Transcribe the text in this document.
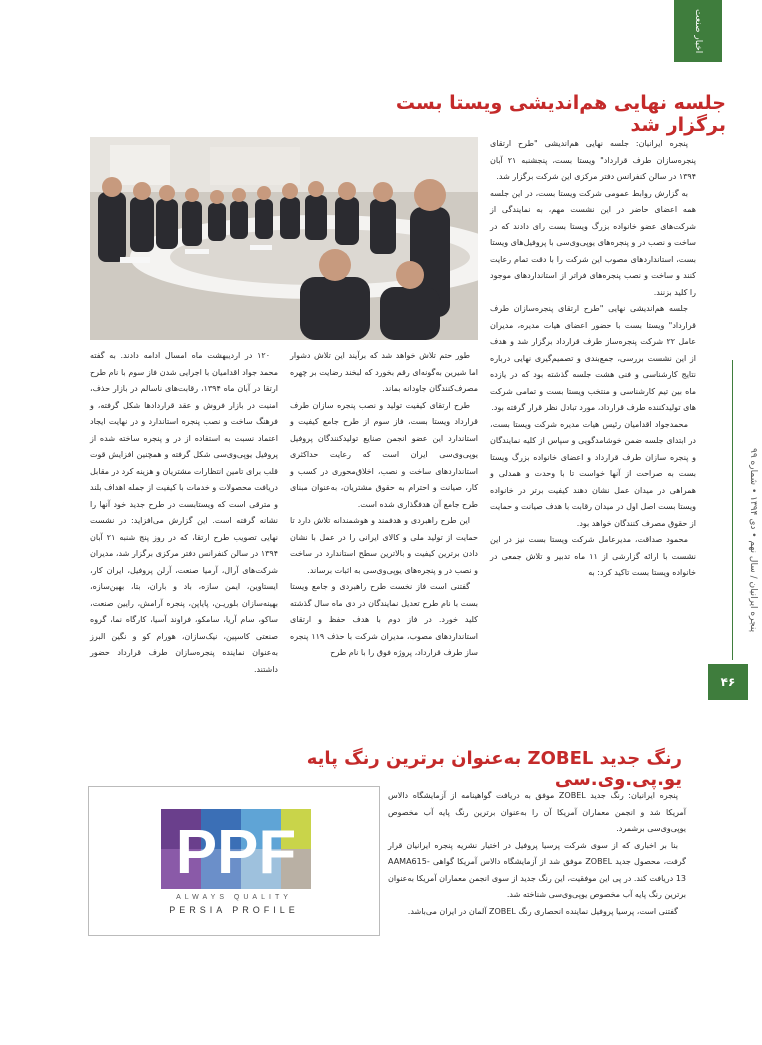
اخبار صنعت پنجره
جلسه نهایی هم‌اندیشی ویستا بست برگزار شد

پنجره ایرانیان: جلسه نهایی هم‌اندیشی "طرح ارتقای پنجره‌سازان طرف قرارداد" ویستا بست، پنجشنبه ۲۱ آبان ۱۳۹۴ در سالن کنفرانس دفتر مرکزی این شرکت برگزار شد.

به گزارش روابط عمومی شرکت ویستا بست، در این جلسه همه اعضای حاضر در این نشست مهم، به نمایندگی از شرکت‌های عضو خانواده بزرگ ویستا بست رای دادند که در ساخت و نصب در و پنجره‌های یوپی‌وی‌سی با پروفیل‌های ویستا بست، استانداردهای مصوب این شرکت را با دقت تمام رعایت کنند و ساخت و نصب پنجره‌های فراتر از استانداردهای موجود را کلید بزنند.

جلسه هم‌اندیشی نهایی "طرح ارتقای پنجره‌سازان طرف قرارداد" ویستا بست با حضور اعضای هیات مدیره، مدیران عامل ۲۲ شرکت پنجره‌ساز طرف قرارداد برگزار شد و هدف از این نشست بررسی، جمع‌بندی و تصمیم‌گیری نهایی درباره نتایج کارشناسی و فنی هشت جلسه گذشته بود که در یازده ماه بین تیم کارشناسی و منتخب ویستا بست و تمامی شرکت های تولیدکننده طرف قرارداد، مورد تبادل نظر قرار گرفته بود.

محمدجواد اقدامیان رئیس هیات مدیره شرکت ویستا بست، در ابتدای جلسه ضمن خوشامدگویی و سپاس از کلیه نمایندگان و پنجره سازان طرف قرارداد و اعضای خانواده بزرگ ویستا بست به صراحت از آنها خواست تا با وحدت و همدلی و همراهی در میدان عمل نشان دهند کیفیت برتر در خانواده ویستا بست اصل اول در میدان رقابت با هدف صیانت و حمایت از حقوق مصرف کنندگان خواهد بود.

محمود صداقت، مدیرعامل شرکت ویستا بست نیز در این نشست با ارائه گزارشی از ۱۱ ماه تدبیر و تلاش جمعی در خانواده ویستا بست تاکید کرد: به

طور حتم تلاش خواهد شد که برآیند این تلاش دشوار اما شیرین به‌گونه‌ای رقم بخورد که لبخند رضایت بر چهره مصرف‌کنندگان جاودانه بماند.

طرح ارتقای کیفیت تولید و نصب پنجره سازان طرف قرارداد ویستا بست، فاز سوم از طرح جامع کیفیت و استاندارد این عضو انجمن صنایع تولیدکنندگان پروفیل یوپی‌وی‌سی ایران است که رعایت حداکثری استانداردهای ساخت و نصب، اخلاق‌محوری در کسب و کار، صیانت و احترام به حقوق مشتریان، به‌عنوان مبنای طرح جامع آن هدفگذاری شده است.

این طرح راهبردی و هدفمند و هوشمندانه تلاش دارد تا حمایت از تولید ملی و کالای ایرانی را در عمل با نشان دادن برترین کیفیت و بالاترین سطح استاندارد در ساخت و نصب در و پنجره‌های یوپی‌وی‌سی به اثبات برساند.

گفتنی است فاز نخست طرح راهبردی و جامع ویستا بست با نام طرح تعدیل نمایندگان در دی ماه سال گذشته کلید خورد. در فاز دوم با هدف حفظ و ارتقای استانداردهای مصوب، مدیران شرکت با حذف ۱۱۹ پنجره ساز طرف قرارداد، پروژه فوق را با نام طرح

۱۲۰ در اردیبهشت ماه امسال ادامه دادند. به گفته محمد جواد اقدامیان با اجرایی شدن فاز سوم با نام طرح ارتقا در آبان ماه ۱۳۹۴، رقابت‌های ناسالم در بازار حذف، امنیت در بازار فروش و عقد قراردادها شکل گرفته، و فرهنگ ساخت و نصب پنجره استاندارد و در نهایت ایجاد اعتماد نسبت به استفاده از در و پنجره ساخته شده از پروفیل یوپی‌وی‌سی شکل گرفته و همچنین افزایش قوت قلب برای تامین انتظارات مشتریان و هزینه کرد در مقابل دریافت محصولات و خدمات با کیفیت از جمله اهداف بلند و مترقی است که ویستابست در طرح جدید خود آنها را نشانه گرفته است. این گزارش می‌افزاید: در نشست نهایی تصویب طرح ارتقا، که در روز پنج شنبه ۲۱ آبان ۱۳۹۴ در سالن کنفرانس دفتر مرکزی برگزار شد، مدیران شرکت‌های آرال، آرمیا صنعت، آرلن پروفیل، ایران کار، ایستاوین، ایمن سازه، باد و باران، بتا، بهین‌سازه، بهینه‌سازان بلوریـن، پایاپن، پنجره آرامش، رایین صنعت، ساکو، سام آریا، سامکو، فراوند آسیا، کارگاه نما، گروه صنعتی کاسپین، نیک‌سازان، هورام کو و نگین البرز به‌عنوان نماینده پنجره‌سازان طرف قرارداد حضور داشتند.

پنجره ایرانیان / سال نهم • دی ۱۳۹۴ • شماره ۹۹
۴۶
رنگ جدید ZOBEL به‌عنوان برترین رنگ پایه یو.پی.وی.سی

پنجره ایرانیان: رنگ جدید ZOBEL موفق به دریافت گواهینامه از آزمایشگاه دالاس آمریکا شد و انجمن معماران آمریکا آن را به‌عنوان برترین رنگ پایه آب مخصوص یوپی‌وی‌سی برشمرد.

بنا بر اخباری که از سوی شرکت پرسیا پروفیل در اختیار نشریه پنجره ایرانیان قرار گرفت، محصول جدید ZOBEL موفق شد از آزمایشگاه دالاس آمریکا گواهی AAMA615-13 دریافت کند. در پی این موفقیت، این رنگ جدید از سوی انجمن معماران آمریکا به‌عنوان برترین رنگ پایه آب مخصوص یوپی‌وی‌سی شناخته شد.

گفتنی است، پرسیا پروفیل نماینده انحصاری رنگ ZOBEL آلمان در ایران می‌باشد.

PPF
ALWAYS QUALITY
PERSIA PROFILE
